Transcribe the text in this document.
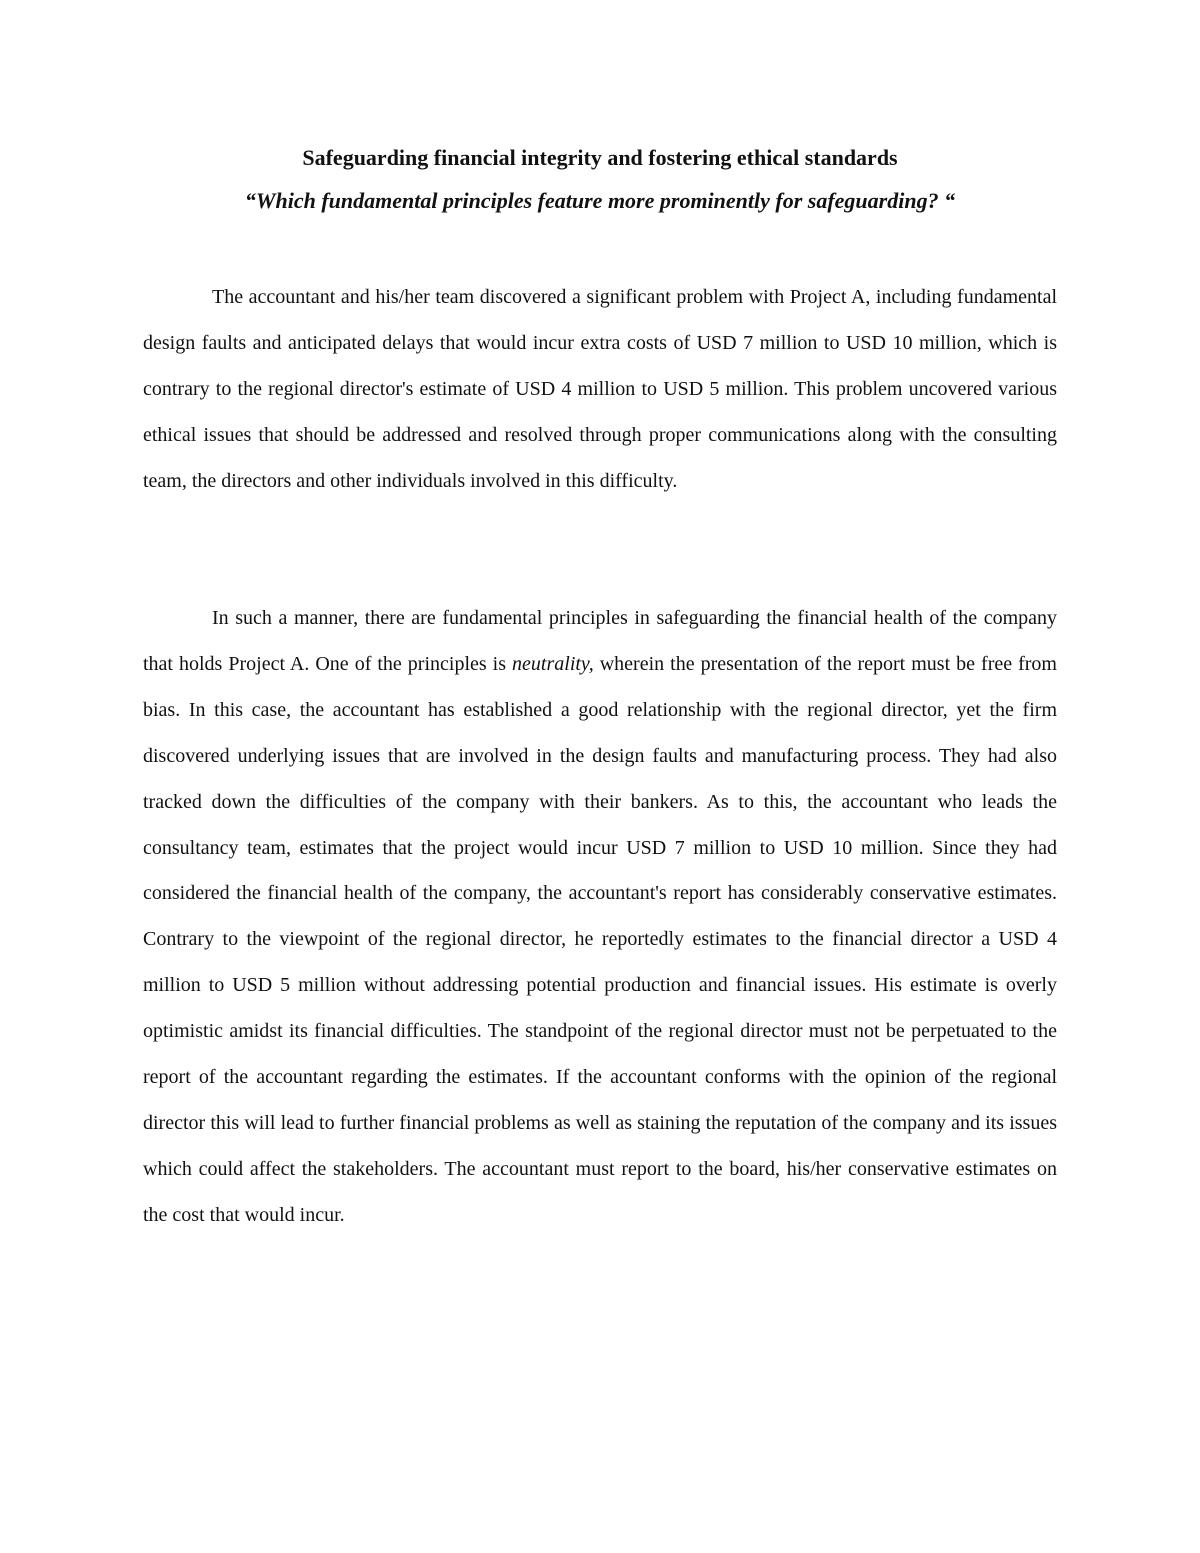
Safeguarding financial integrity and fostering ethical standards
“Which fundamental principles feature more prominently for safeguarding? “

The accountant and his/her team discovered a significant problem with Project A, including fundamental design faults and anticipated delays that would incur extra costs of USD 7 million to USD 10 million, which is contrary to the regional director's estimate of USD 4 million to USD 5 million. This problem uncovered various ethical issues that should be addressed and resolved through proper communications along with the consulting team, the directors and other individuals involved in this difficulty.

In such a manner, there are fundamental principles in safeguarding the financial health of the company that holds Project A. One of the principles is neutrality, wherein the presentation of the report must be free from bias. In this case, the accountant has established a good relationship with the regional director, yet the firm discovered underlying issues that are involved in the design faults and manufacturing process. They had also tracked down the difficulties of the company with their bankers. As to this, the accountant who leads the consultancy team, estimates that the project would incur USD 7 million to USD 10 million. Since they had considered the financial health of the company, the accountant's report has considerably conservative estimates. Contrary to the viewpoint of the regional director, he reportedly estimates to the financial director a USD 4 million to USD 5 million without addressing potential production and financial issues. His estimate is overly optimistic amidst its financial difficulties. The standpoint of the regional director must not be perpetuated to the report of the accountant regarding the estimates. If the accountant conforms with the opinion of the regional director this will lead to further financial problems as well as staining the reputation of the company and its issues which could affect the stakeholders. The accountant must report to the board, his/her conservative estimates on the cost that would incur.
